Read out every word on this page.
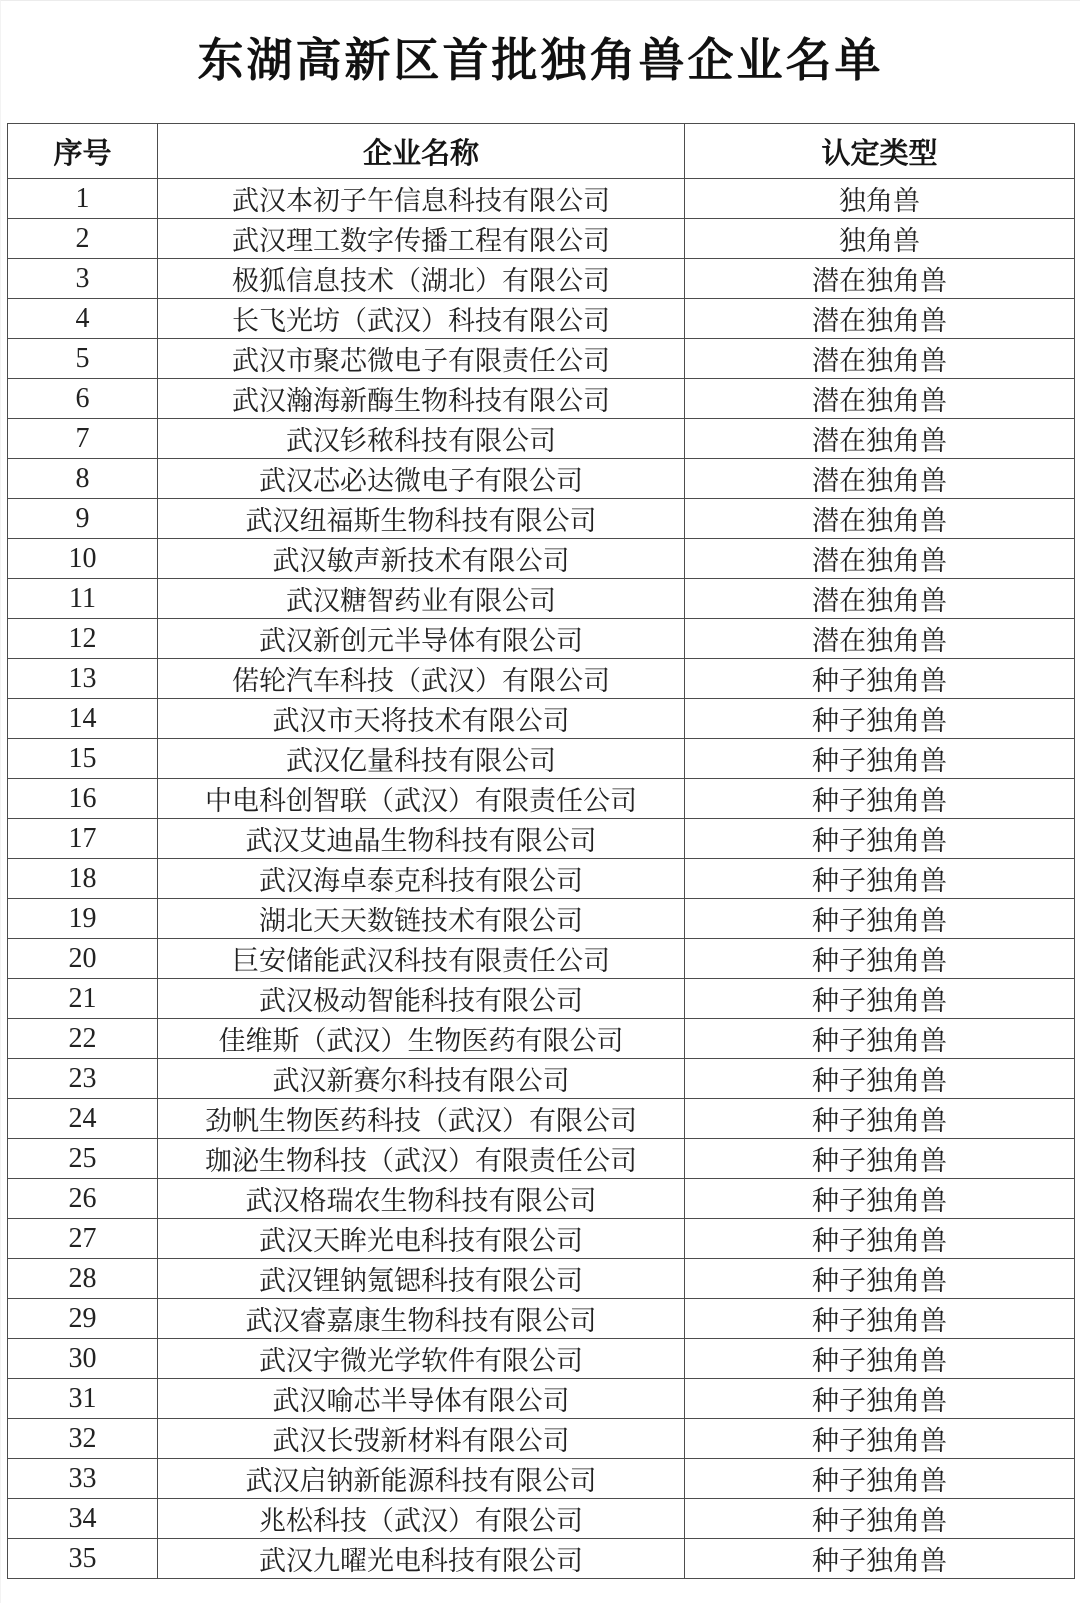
东湖高新区首批独角兽企业名单
序号	企业名称	认定类型
1	武汉本初子午信息科技有限公司	独角兽
2	武汉理工数字传播工程有限公司	独角兽
3	极狐信息技术（湖北）有限公司	潜在独角兽
4	长飞光坊（武汉）科技有限公司	潜在独角兽
5	武汉市聚芯微电子有限责任公司	潜在独角兽
6	武汉瀚海新酶生物科技有限公司	潜在独角兽
7	武汉钐秾科技有限公司	潜在独角兽
8	武汉芯必达微电子有限公司	潜在独角兽
9	武汉纽福斯生物科技有限公司	潜在独角兽
10	武汉敏声新技术有限公司	潜在独角兽
11	武汉糖智药业有限公司	潜在独角兽
12	武汉新创元半导体有限公司	潜在独角兽
13	偌轮汽车科技（武汉）有限公司	种子独角兽
14	武汉市天将技术有限公司	种子独角兽
15	武汉亿量科技有限公司	种子独角兽
16	中电科创智联（武汉）有限责任公司	种子独角兽
17	武汉艾迪晶生物科技有限公司	种子独角兽
18	武汉海卓泰克科技有限公司	种子独角兽
19	湖北天天数链技术有限公司	种子独角兽
20	巨安储能武汉科技有限责任公司	种子独角兽
21	武汉极动智能科技有限公司	种子独角兽
22	佳维斯（武汉）生物医药有限公司	种子独角兽
23	武汉新赛尔科技有限公司	种子独角兽
24	劲帆生物医药科技（武汉）有限公司	种子独角兽
25	珈泌生物科技（武汉）有限责任公司	种子独角兽
26	武汉格瑞农生物科技有限公司	种子独角兽
27	武汉天眸光电科技有限公司	种子独角兽
28	武汉锂钠氪锶科技有限公司	种子独角兽
29	武汉睿嘉康生物科技有限公司	种子独角兽
30	武汉宇微光学软件有限公司	种子独角兽
31	武汉喻芯半导体有限公司	种子独角兽
32	武汉长弢新材料有限公司	种子独角兽
33	武汉启钠新能源科技有限公司	种子独角兽
34	兆松科技（武汉）有限公司	种子独角兽
35	武汉九曜光电科技有限公司	种子独角兽
